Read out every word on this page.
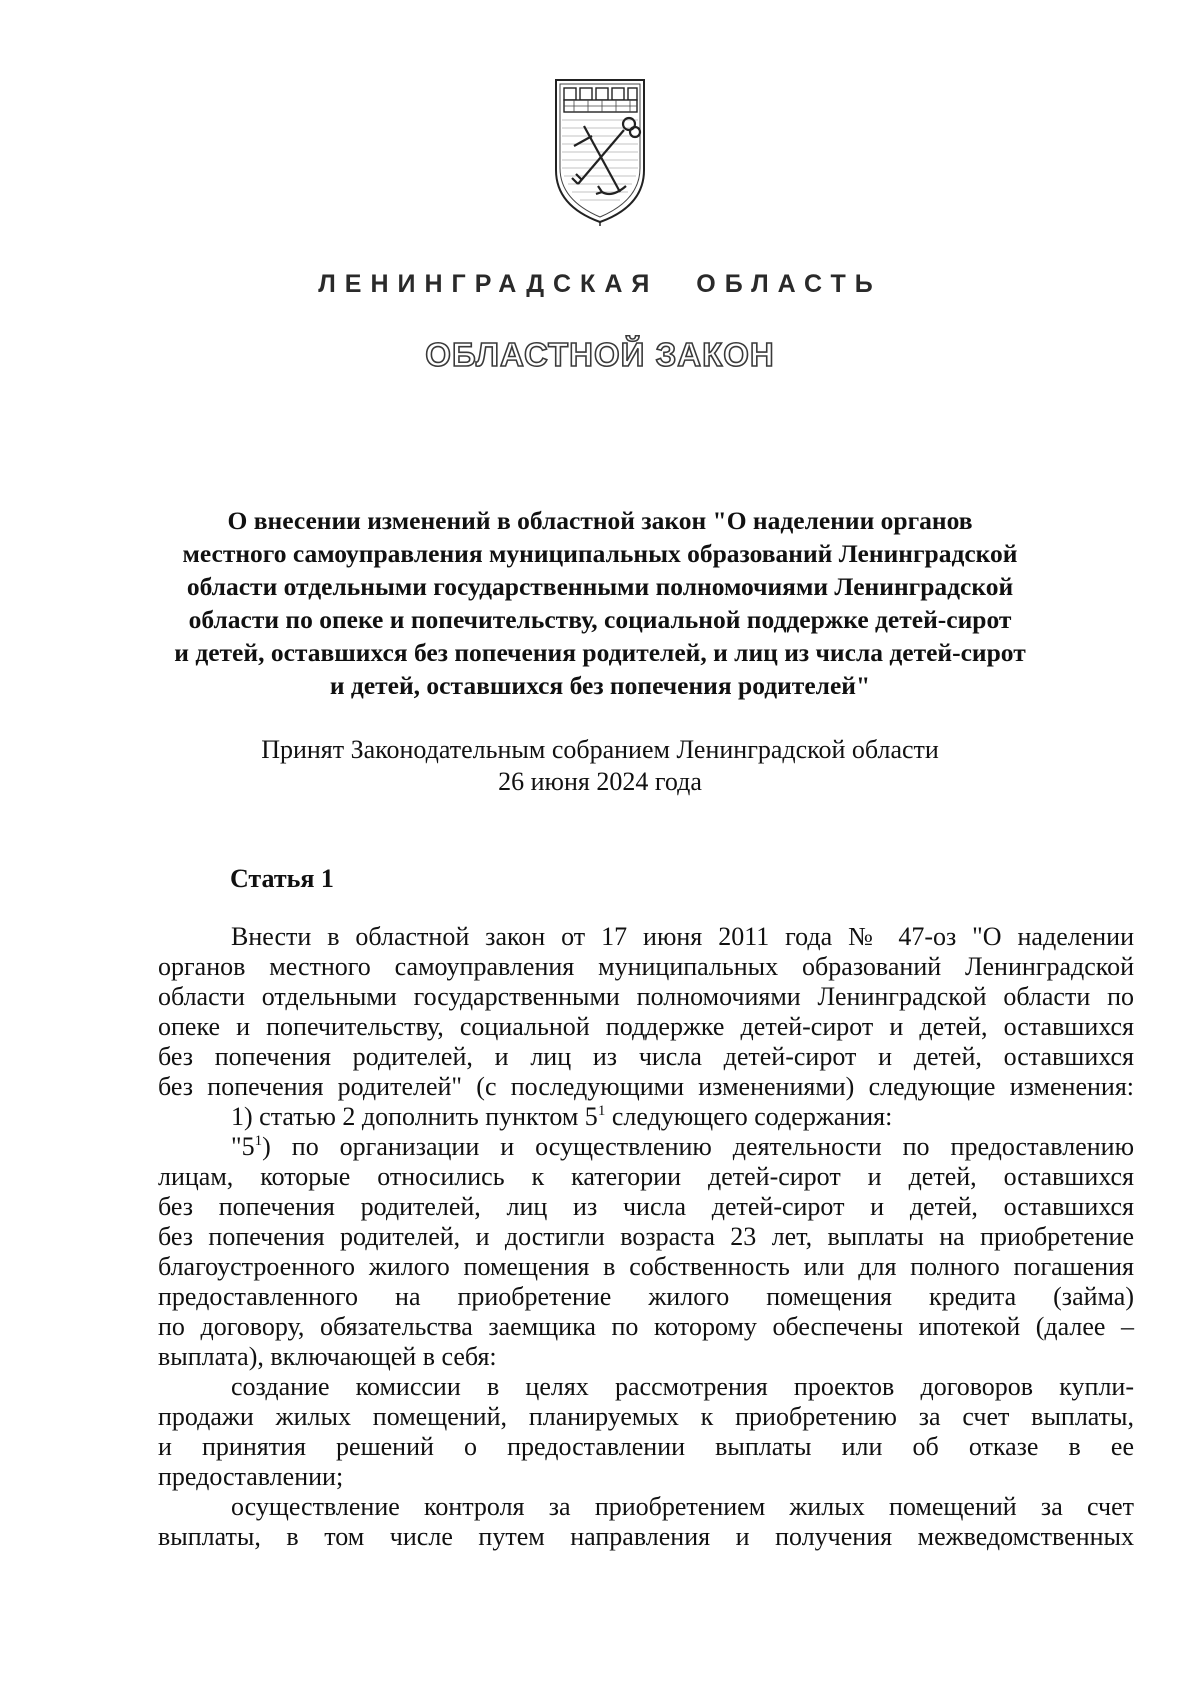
ЛЕНИНГРАДСКАЯ ОБЛАСТЬ
ОБЛАСТНОЙ ЗАКОН
О внесении изменений в областной закон "О наделении органов
местного самоуправления муниципальных образований Ленинградской
области отдельными государственными полномочиями Ленинградской
области по опеке и попечительству, социальной поддержке детей-сирот
и детей, оставшихся без попечения родителей, и лиц из числа детей-сирот
и детей, оставшихся без попечения родителей"
Принят Законодательным собранием Ленинградской области
26 июня 2024 года
Статья 1
Внести в областной закон от 17 июня 2011 года № 47-оз "О наделении
органов местного самоуправления муниципальных образований Ленинградской
области отдельными государственными полномочиями Ленинградской области по
опеке и попечительству, социальной поддержке детей-сирот и детей, оставшихся
без попечения родителей, и лиц из числа детей-сирот и детей, оставшихся
без попечения родителей" (с последующими изменениями) следующие изменения:
1) статью 2 дополнить пунктом $5^1$ следующего содержания:
"$5^1$) по организации и осуществлению деятельности по предоставлению
лицам, которые относились к категории детей-сирот и детей, оставшихся
без попечения родителей, лиц из числа детей-сирот и детей, оставшихся
без попечения родителей, и достигли возраста 23 лет, выплаты на приобретение
благоустроенного жилого помещения в собственность или для полного погашения
предоставленного на приобретение жилого помещения кредита (займа)
по договору, обязательства заемщика по которому обеспечены ипотекой (далее –
выплата), включающей в себя:
создание комиссии в целях рассмотрения проектов договоров купли-
продажи жилых помещений, планируемых к приобретению за счет выплаты,
и принятия решений о предоставлении выплаты или об отказе в ее
предоставлении;
осуществление контроля за приобретением жилых помещений за счет
выплаты, в том числе путем направления и получения межведомственных
